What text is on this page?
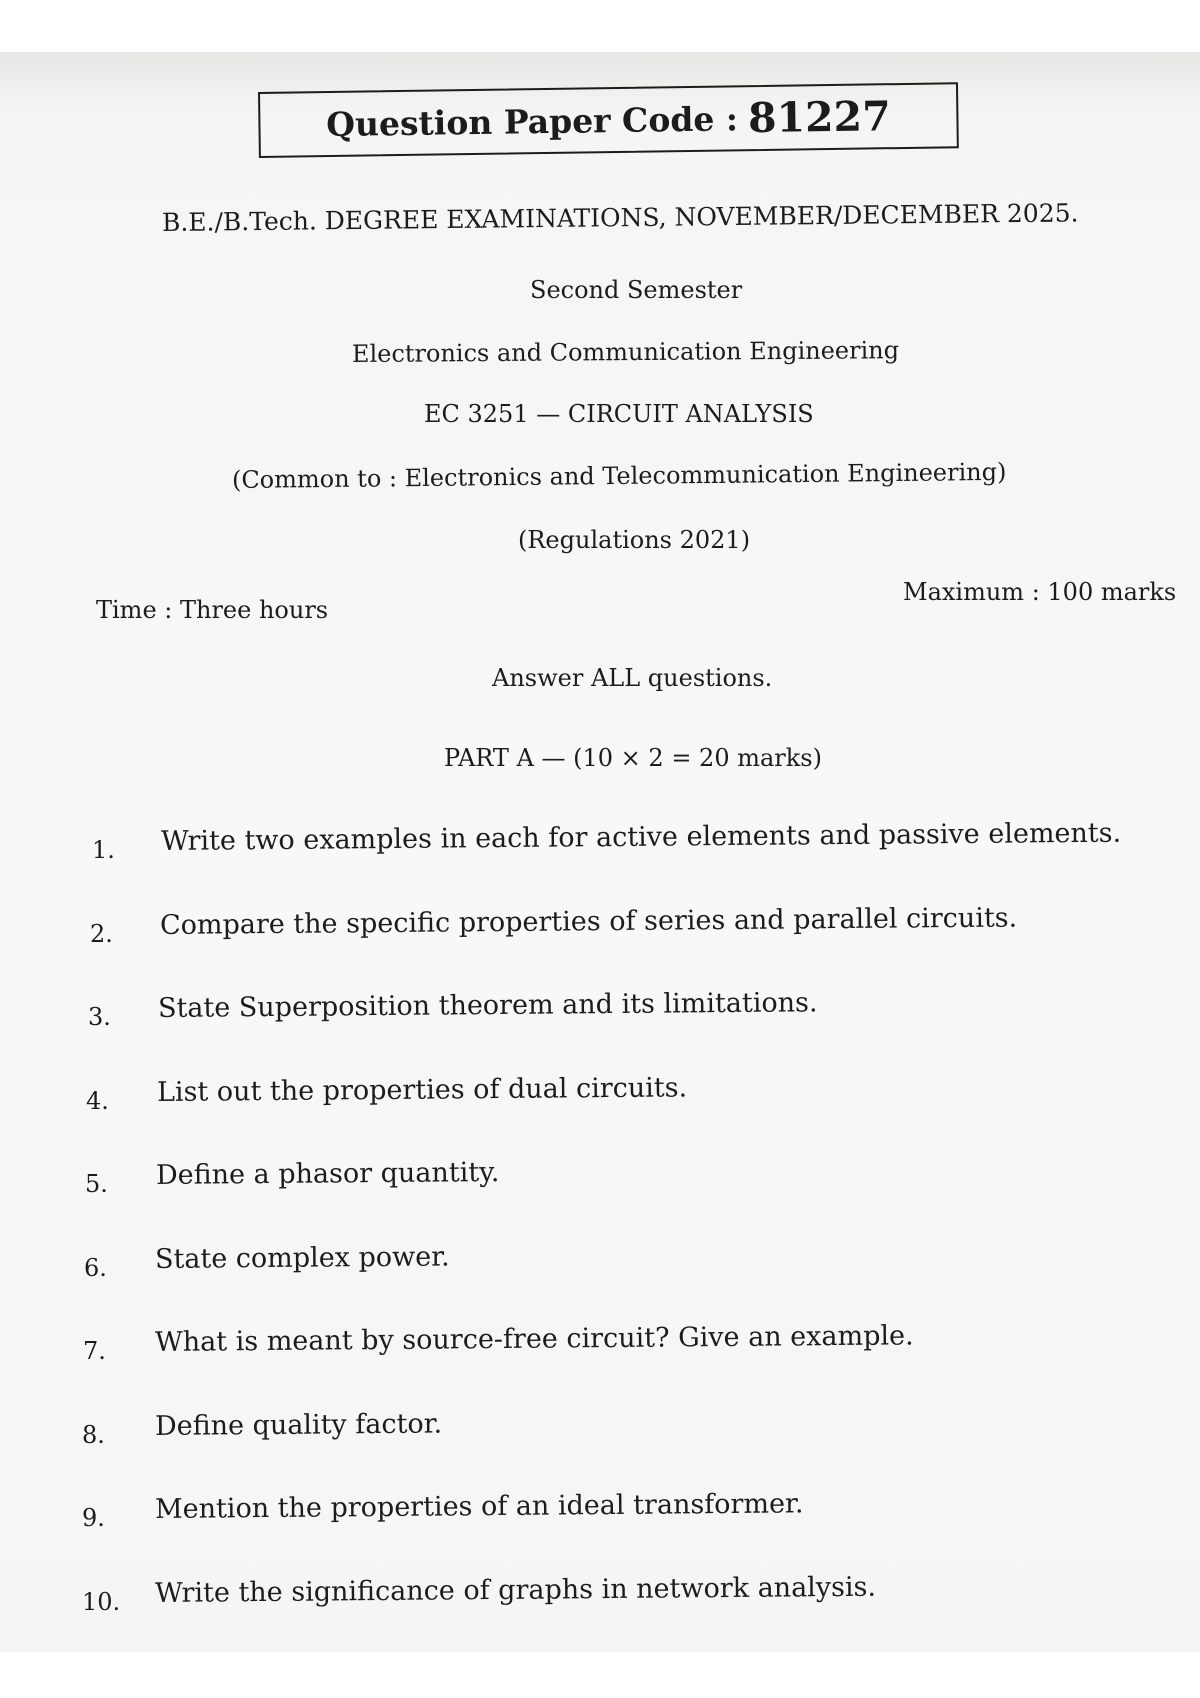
Question Paper Code : 81227
B.E./B.Tech. DEGREE EXAMINATIONS, NOVEMBER/DECEMBER 2025.
Second Semester
Electronics and Communication Engineering
EC 3251 — CIRCUIT ANALYSIS
(Common to : Electronics and Telecommunication Engineering)
(Regulations 2021)
Time : Three hours
Maximum : 100 marks
Answer ALL questions.
PART A — (10 × 2 = 20 marks)
1. Write two examples in each for active elements and passive elements.
2. Compare the specific properties of series and parallel circuits.
3. State Superposition theorem and its limitations.
4. List out the properties of dual circuits.
5. Define a phasor quantity.
6. State complex power.
7. What is meant by source-free circuit? Give an example.
8. Define quality factor.
9. Mention the properties of an ideal transformer.
10. Write the significance of graphs in network analysis.
